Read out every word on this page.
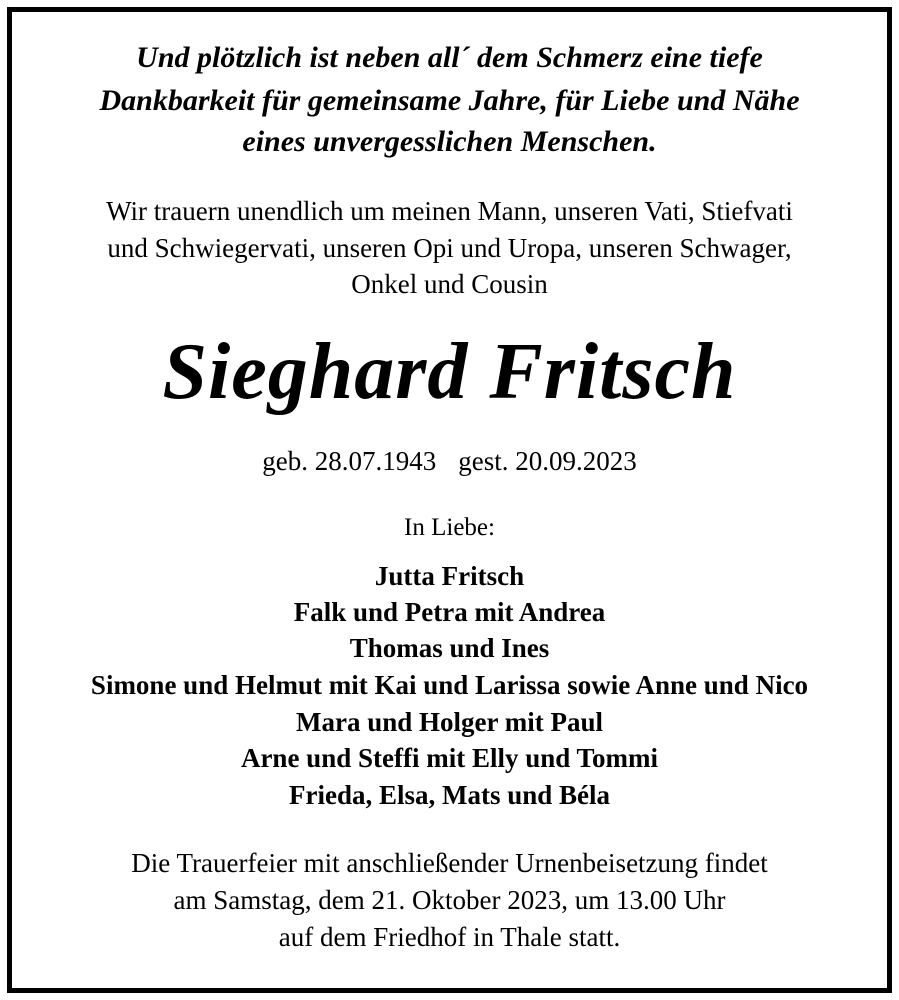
Und plötzlich ist neben all´ dem Schmerz eine tiefe
Dankbarkeit für gemeinsame Jahre, für Liebe und Nähe
eines unvergesslichen Menschen.
Wir trauern unendlich um meinen Mann, unseren Vati, Stiefvati
und Schwiegervati, unseren Opi und Uropa, unseren Schwager,
Onkel und Cousin
Sieghard Fritsch
geb. 28.07.1943 gest. 20.09.2023
In Liebe:
Jutta Fritsch
Falk und Petra mit Andrea
Thomas und Ines
Simone und Helmut mit Kai und Larissa sowie Anne und Nico
Mara und Holger mit Paul
Arne und Steffi mit Elly und Tommi
Frieda, Elsa, Mats und Béla
Die Trauerfeier mit anschließender Urnenbeisetzung findet
am Samstag, dem 21. Oktober 2023, um 13.00 Uhr
auf dem Friedhof in Thale statt.
